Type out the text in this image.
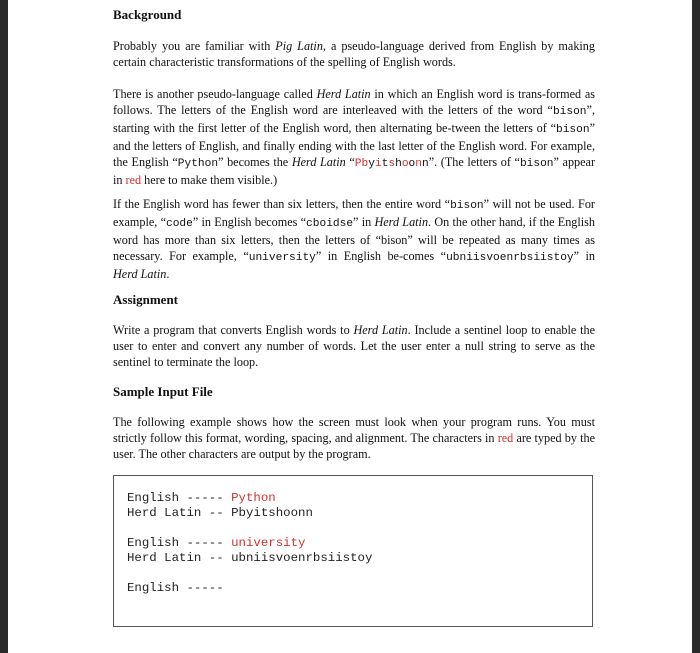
Background

Probably you are familiar with Pig Latin, a pseudo-language derived from English by making certain characteristic transformations of the spelling of English words.

There is another pseudo-language called Herd Latin in which an English word is trans-formed as follows. The letters of the English word are interleaved with the letters of the word “bison”, starting with the first letter of the English word, then alternating be-tween the letters of “bison” and the letters of English, and finally ending with the last letter of the English word. For example, the English “Python” becomes the Herd Latin “Pbyitshoonn”. (The letters of “bison” appear in red here to make them visible.)

If the English word has fewer than six letters, then the entire word “bison” will not be used. For example, “code” in English becomes “cboidse” in Herd Latin. On the other hand, if the English word has more than six letters, then the letters of “bison” will be repeated as many times as necessary. For example, “university” in English be-comes “ubniisvoenrbsiistoy” in Herd Latin.

Assignment

Write a program that converts English words to Herd Latin. Include a sentinel loop to enable the user to enter and convert any number of words. Let the user enter a null string to serve as the sentinel to terminate the loop.

Sample Input File

The following example shows how the screen must look when your program runs. You must strictly follow this format, wording, spacing, and alignment. The characters in red are typed by the user. The other characters are output by the program.

English ----- Python
Herd Latin -- Pbyitshoonn
English ----- university
Herd Latin -- ubniisvoenrbsiistoy
English -----
